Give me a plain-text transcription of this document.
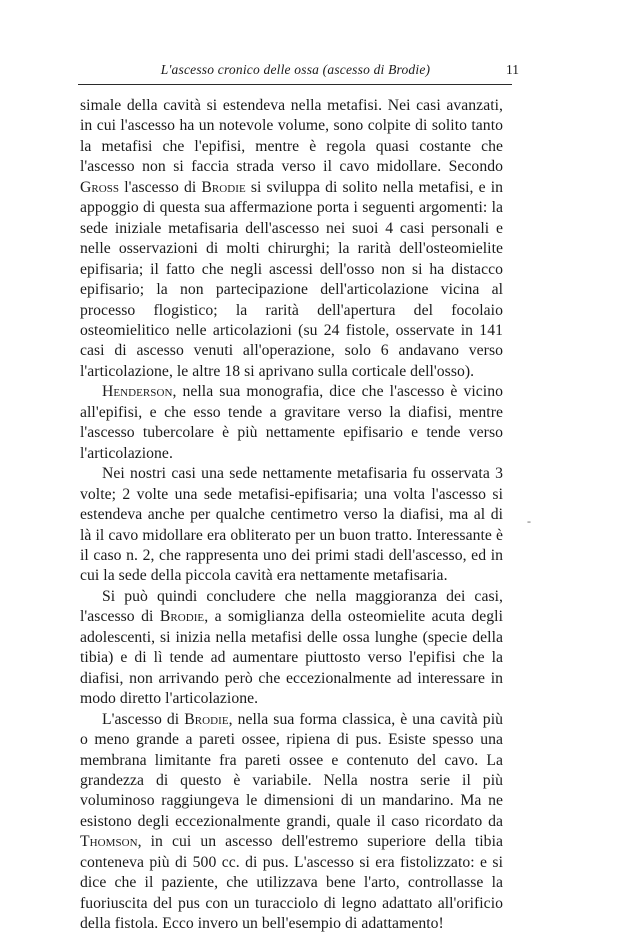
L'ascesso cronico delle ossa (ascesso di Brodie)	11

simale della cavità si estendeva nella metafisi. Nei casi avanzati, in cui l'ascesso ha un notevole volume, sono colpite di solito tanto la metafisi che l'epifisi, mentre è regola quasi costante che l'ascesso non si faccia strada verso il cavo midollare. Secondo Gross l'ascesso di Brodie si sviluppa di solito nella metafisi, e in appoggio di questa sua affermazione porta i seguenti argomenti: la sede iniziale metafisaria dell'ascesso nei suoi 4 casi personali e nelle osservazioni di molti chirurghi; la rarità dell'osteomielite epifisaria; il fatto che negli ascessi dell'osso non si ha distacco epifisario; la non partecipazione dell'articolazione vicina al processo flogistico; la rarità dell'apertura del focolaio osteomielitico nelle articolazioni (su 24 fistole, osservate in 141 casi di ascesso venuti all'operazione, solo 6 andavano verso l'articolazione, le altre 18 si aprivano sulla corticale dell'osso).

Henderson, nella sua monografia, dice che l'ascesso è vicino all'epifisi, e che esso tende a gravitare verso la diafisi, mentre l'ascesso tubercolare è più nettamente epifisario e tende verso l'articolazione.

Nei nostri casi una sede nettamente metafisaria fu osservata 3 volte; 2 volte una sede metafisi-epifisaria; una volta l'ascesso si estendeva anche per qualche centimetro verso la diafisi, ma al di là il cavo midollare era obliterato per un buon tratto. Interessante è il caso n. 2, che rappresenta uno dei primi stadi dell'ascesso, ed in cui la sede della piccola cavità era nettamente metafisaria.

Si può quindi concludere che nella maggioranza dei casi, l'ascesso di Brodie, a somiglianza della osteomielite acuta degli adolescenti, si inizia nella metafisi delle ossa lunghe (specie della tibia) e di lì tende ad aumentare piuttosto verso l'epifisi che la diafisi, non arrivando però che eccezionalmente ad interessare in modo diretto l'articolazione.

L'ascesso di Brodie, nella sua forma classica, è una cavità più o meno grande a pareti ossee, ripiena di pus. Esiste spesso una membrana limitante fra pareti ossee e contenuto del cavo. La grandezza di questo è variabile. Nella nostra serie il più voluminoso raggiungeva le dimensioni di un mandarino. Ma ne esistono degli eccezionalmente grandi, quale il caso ricordato da Thomson, in cui un ascesso dell'estremo superiore della tibia conteneva più di 500 cc. di pus. L'ascesso si era fistolizzato: e si dice che il paziente, che utilizzava bene l'arto, controllasse la fuoriuscita del pus con un turacciolo di legno adattato all'orificio della fistola. Ecco invero un bell'esempio di adattamento!

-
